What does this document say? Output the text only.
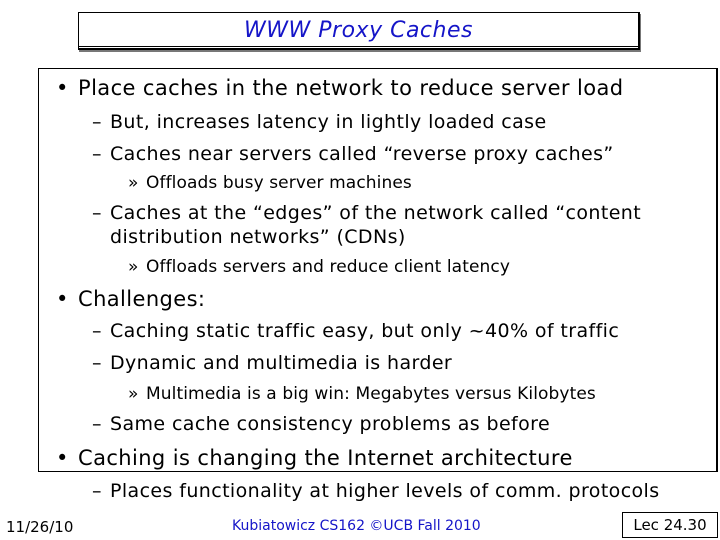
WWW Proxy Caches
• Place caches in the network to reduce server load
– But, increases latency in lightly loaded case
– Caches near servers called “reverse proxy caches”
» Offloads busy server machines
– Caches at the “edges” of the network called “content
distribution networks” (CDNs)
» Offloads servers and reduce client latency
• Challenges:
– Caching static traffic easy, but only ~40% of traffic
– Dynamic and multimedia is harder
» Multimedia is a big win: Megabytes versus Kilobytes
– Same cache consistency problems as before
• Caching is changing the Internet architecture
– Places functionality at higher levels of comm. protocols
11/26/10	Kubiatowicz CS162 ©UCB Fall 2010	Lec 24.30
